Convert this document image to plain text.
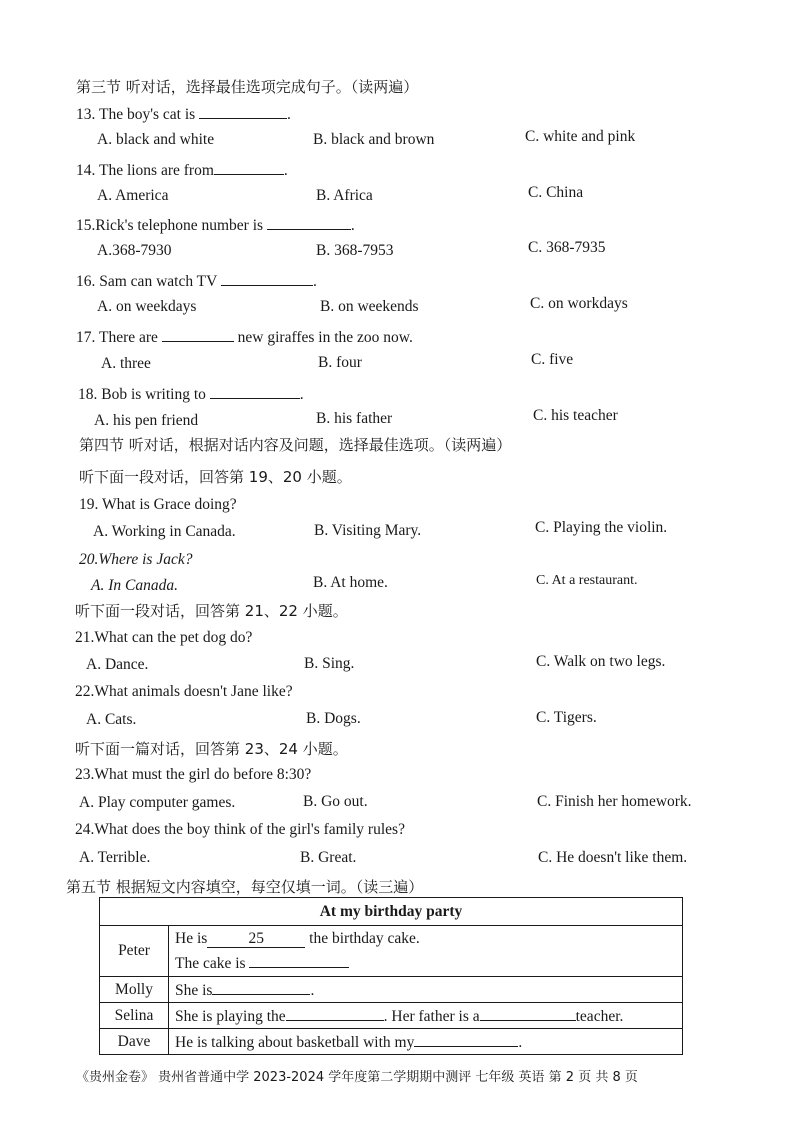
第三节 听对话，选择最佳选项完成句子。（读两遍）
13. The boy's cat is	.
A. black and white	B. black and brown	C. white and pink
14. The lions are from	.
A. America	B. Africa	C. China
15.Rick's telephone number is	.
A.368-7930	B. 368-7953	C. 368-7935
16. Sam can watch TV	.
A. on weekdays	B. on weekends	C. on workdays
17. There are	new giraffes in the zoo now.
A. three	B. four	C. five
18. Bob is writing to	.
A. his pen friend	B. his father	C. his teacher
第四节 听对话，根据对话内容及问题，选择最佳选项。（读两遍）
听下面一段对话，回答第 19、20 小题。
19. What is Grace doing?
A. Working in Canada.	B. Visiting Mary.	C. Playing the violin.
20.Where is Jack?
A. In Canada.	B. At home.	C. At a restaurant.
听下面一段对话，回答第 21、22 小题。
21.What can the pet dog do?
A. Dance.	B. Sing.	C. Walk on two legs.
22.What animals doesn't Jane like?
A. Cats.	B. Dogs.	C. Tigers.
听下面一篇对话，回答第 23、24 小题。
23.What must the girl do before 8:30?
A. Play computer games.	B. Go out.	C. Finish her homework.
24.What does the boy think of the girl's family rules?
A. Terrible.	B. Great.	C. He doesn't like them.
第五节 根据短文内容填空，每空仅填一词。（读三遍）
At my birthday party	
Peter	He is 25 the birthday cake.
The cake is

Molly	She is .
Selina	She is playing the . Her father is a teacher.
Dave	He is talking about basketball with my .
《贵州金卷》 贵州省普通中学 2023-2024 学年度第二学期期中测评 七年级 英语 第 2 页 共 8 页
